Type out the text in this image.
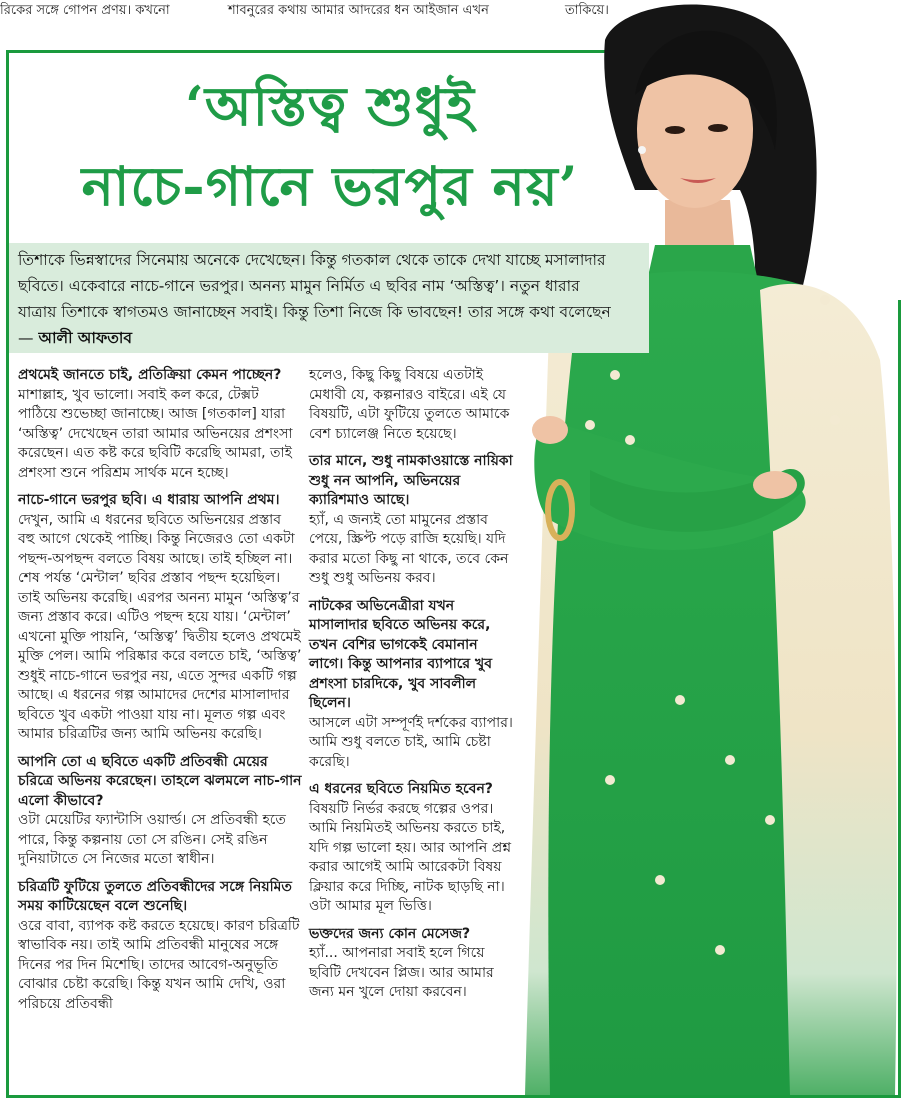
রিকের সঙ্গে গোপন প্রণয়। কখনো	শাবনুরের কথায় আমার আদরের ধন আইজান এখন	তাকিয়ে।
‘অস্তিত্ব শুধুই
নাচে-গানে ভরপুর নয়’
তিশাকে ভিন্নস্বাদের সিনেমায় অনেকে দেখেছেন। কিন্তু গতকাল থেকে তাকে দেখা যাচ্ছে মসালাদার ছবিতে। একেবারে নাচে-গানে ভরপুর। অনন্য মামুন নির্মিত এ ছবির নাম ‘অস্তিত্ব’। নতুন ধারার যাত্রায় তিশাকে স্বাগতমও জানাচ্ছেন সবাই। কিন্তু তিশা নিজে কি ভাবছেন! তার সঙ্গে কথা বলেছেন— আলী আফতাব

প্রথমেই জানতে চাই, প্রতিক্রিয়া কেমন পাচ্ছেন?

মাশাল্লাহ, খুব ভালো। সবাই কল করে, টেক্সট পাঠিয়ে শুভেচ্ছা জানাচ্ছে। আজ [গতকাল] যারা ‘অস্তিত্ব’ দেখেছেন তারা আমার অভিনয়ের প্রশংসা করেছেন। এত কষ্ট করে ছবিটি করেছি আমরা, তাই প্রশংসা শুনে পরিশ্রম সার্থক মনে হচ্ছে।

নাচে-গানে ভরপুর ছবি। এ ধারায় আপনি প্রথম।

দেখুন, আমি এ ধরনের ছবিতে অভিনয়ের প্রস্তাব বহু আগে থেকেই পাচ্ছি। কিন্তু নিজেরও তো একটা পছন্দ-অপছন্দ বলতে বিষয় আছে। তাই হচ্ছিল না। শেষ পর্যন্ত ‘মেন্টাল’ ছবির প্রস্তাব পছন্দ হয়েছিল। তাই অভিনয় করেছি। এরপর অনন্য মামুন ‘অস্তিত্ব’র জন্য প্রস্তাব করে। এটিও পছন্দ হয়ে যায়। ‘মেন্টাল’ এখনো মুক্তি পায়নি, ‘অস্তিত্ব’ দ্বিতীয় হলেও প্রথমেই মুক্তি পেল। আমি পরিষ্কার করে বলতে চাই, ‘অস্তিত্ব’ শুধুই নাচে-গানে ভরপুর নয়, এতে সুন্দর একটি গল্প আছে। এ ধরনের গল্প আমাদের দেশের মাসালাদার ছবিতে খুব একটা পাওয়া যায় না। মূলত গল্প এবং আমার চরিত্রটির জন্য আমি অভিনয় করেছি।

আপনি তো এ ছবিতে একটি প্রতিবন্ধী মেয়ের চরিত্রে অভিনয় করেছেন। তাহলে ঝলমলে নাচ-গান এলো কীভাবে?

ওটা মেয়েটির ফ্যান্টাসি ওয়ার্ল্ড। সে প্রতিবন্ধী হতে পারে, কিন্তু কল্পনায় তো সে রঙিন। সেই রঙিন দুনিয়াটাতে সে নিজের মতো স্বাধীন।

চরিত্রটি ফুটিয়ে তুলতে প্রতিবন্ধীদের সঙ্গে নিয়মিত সময় কাটিয়েছেন বলে শুনেছি।

ওরে বাবা, ব্যাপক কষ্ট করতে হয়েছে। কারণ চরিত্রটি স্বাভাবিক নয়। তাই আমি প্রতিবন্ধী মানুষের সঙ্গে দিনের পর দিন মিশেছি। তাদের আবেগ-অনুভূতি বোঝার চেষ্টা করেছি। কিন্তু যখন আমি দেখি, ওরা পরিচয়ে প্রতিবন্ধী

হলেও, কিছু কিছু বিষয়ে এতটাই মেধাবী যে, কল্পনারও বাইরে। এই যে বিষয়টি, এটা ফুটিয়ে তুলতে আমাকে বেশ চ্যালেঞ্জ নিতে হয়েছে।

তার মানে, শুধু নামকাওয়াস্তে নায়িকা শুধু নন আপনি, অভিনয়ের ক্যারিশমাও আছে।

হ্যাঁ, এ জন্যই তো মামুনের প্রস্তাব পেয়ে, স্ক্রিপ্ট পড়ে রাজি হয়েছি। যদি করার মতো কিছু না থাকে, তবে কেন শুধু শুধু অভিনয় করব।

নাটকের অভিনেত্রীরা যখন মাসালাদার ছবিতে অভিনয় করে, তখন বেশির ভাগকেই বেমানান লাগে। কিন্তু আপনার ব্যাপারে খুব প্রশংসা চারদিকে, খুব সাবলীল ছিলেন।

আসলে এটা সম্পূর্ণই দর্শকের ব্যাপার। আমি শুধু বলতে চাই, আমি চেষ্টা করেছি।

এ ধরনের ছবিতে নিয়মিত হবেন?

বিষয়টি নির্ভর করছে গল্পের ওপর। আমি নিয়মিতই অভিনয় করতে চাই, যদি গল্প ভালো হয়। আর আপনি প্রশ্ন করার আগেই আমি আরেকটা বিষয় ক্লিয়ার করে দিচ্ছি, নাটক ছাড়ছি না। ওটা আমার মূল ভিত্তি।

ভক্তদের জন্য কোন মেসেজ?

হ্যাঁ... আপনারা সবাই হলে গিয়ে ছবিটি দেখবেন প্লিজ। আর আমার জন্য মন খুলে দোয়া করবেন।
